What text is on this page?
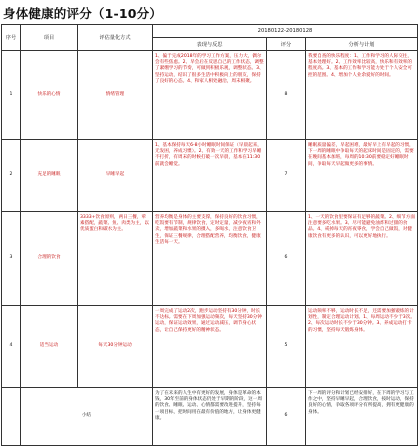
身体健康的评分（1-10分）
序号	项目	评估量化方式	20180122-20180128		
			表现与反思	评分	分析与计划
1	快乐的心情	情绪管理	1、偏于完成2018年的学习工作方案，压力大，偶尔会有些焦虑。2、早会后在反思自己的工作状态，调整了紧绷学习的节奏，可做到积极乐观，调整状态。3、坚持运动，结识了很多生活中积极向上的朋友，保持了良好的心态。4、和家人相处融洽，周末相聚。	8	我要自查的快乐程度：1、工作和学习的人际交往，基本处理好。2、工作效率比较高，快乐和有效率的程度高。3、基本的工作和学习能力处于个人安全可控的范围。4、增加个人业余爱好的时间。
2	充足的睡眠	早睡早起	1、基本保持每天6-8小时睡眠时间保证（早晨起来，无发困，养成习惯）。2、有效一天的工作和学习早睡不打折，有周末的时候打破一次早晨，基本在11:30前就会睡觉。	7	睡眠质量偏差，早起困难，最好早上有早起的习惯，下一周的睡眠中争取每天的起床时间是固定的，需要在晚间基本加班，每周的10:30前要稳定好睡眠时间，争取每天早起做更多的事情。
3	合理的饮食	3333+饮食原则，两日三餐，荤素搭配，蔬菜、鱼、肉类为主，以优质蛋白和碳水为主。	营养均衡是身体的主要支撑，保持良好的饮食习惯，吃饭要有节制，规律饮食，定时定量，减少夜宵和外卖，增加蔬菜和水果的摄入，多喝水，注意饮食卫生，保证三餐规律，合理搭配营养，均衡饮食，健康生活每一天。	6	1、一天的饮食里要保证有足够的蔬菜。2、细节方面注意要多吃水果。3、尽可能避免油炸和过甜的食品。4、戒掉每天的宵夜零食，学会自己做饭，对健康饮食有更多的认识，可以更好地执行。
4	适当运动	每天30分钟运动	一周完成了运动2次，跑步运动坚持有30分钟，时长不达标。需要在下周加强运动频次，每天坚持30分钟运动，保证运动效果，通过运动减压，调节身心状态，让自己保持更好的精神状态。	5	运动频率不够，运动时长不足，还需要加强锻炼的计划性，制定合理运动计划。1、每周运动不少于3次。2、每次运动时长不少于30分钟。3、养成运动打卡的习惯，坚持每天锻炼身体。
	小结		为了在未来的人生中有更好的发展，身体是革命的本钱，30年至前的身体状态仍处于早期的阶段，这一周的饮食、睡眠、运动、心情都需要改进提升，坚持每一项目标，把时间用在最有价值的地方，让身体更健康。	6	下一周的评分和计划已经安排好，在下周的学习与工作之中，坚持早睡早起，合理饮食，按时运动，保持良好的心情，争取各项评分有所提高，拥有更健康的身体。
